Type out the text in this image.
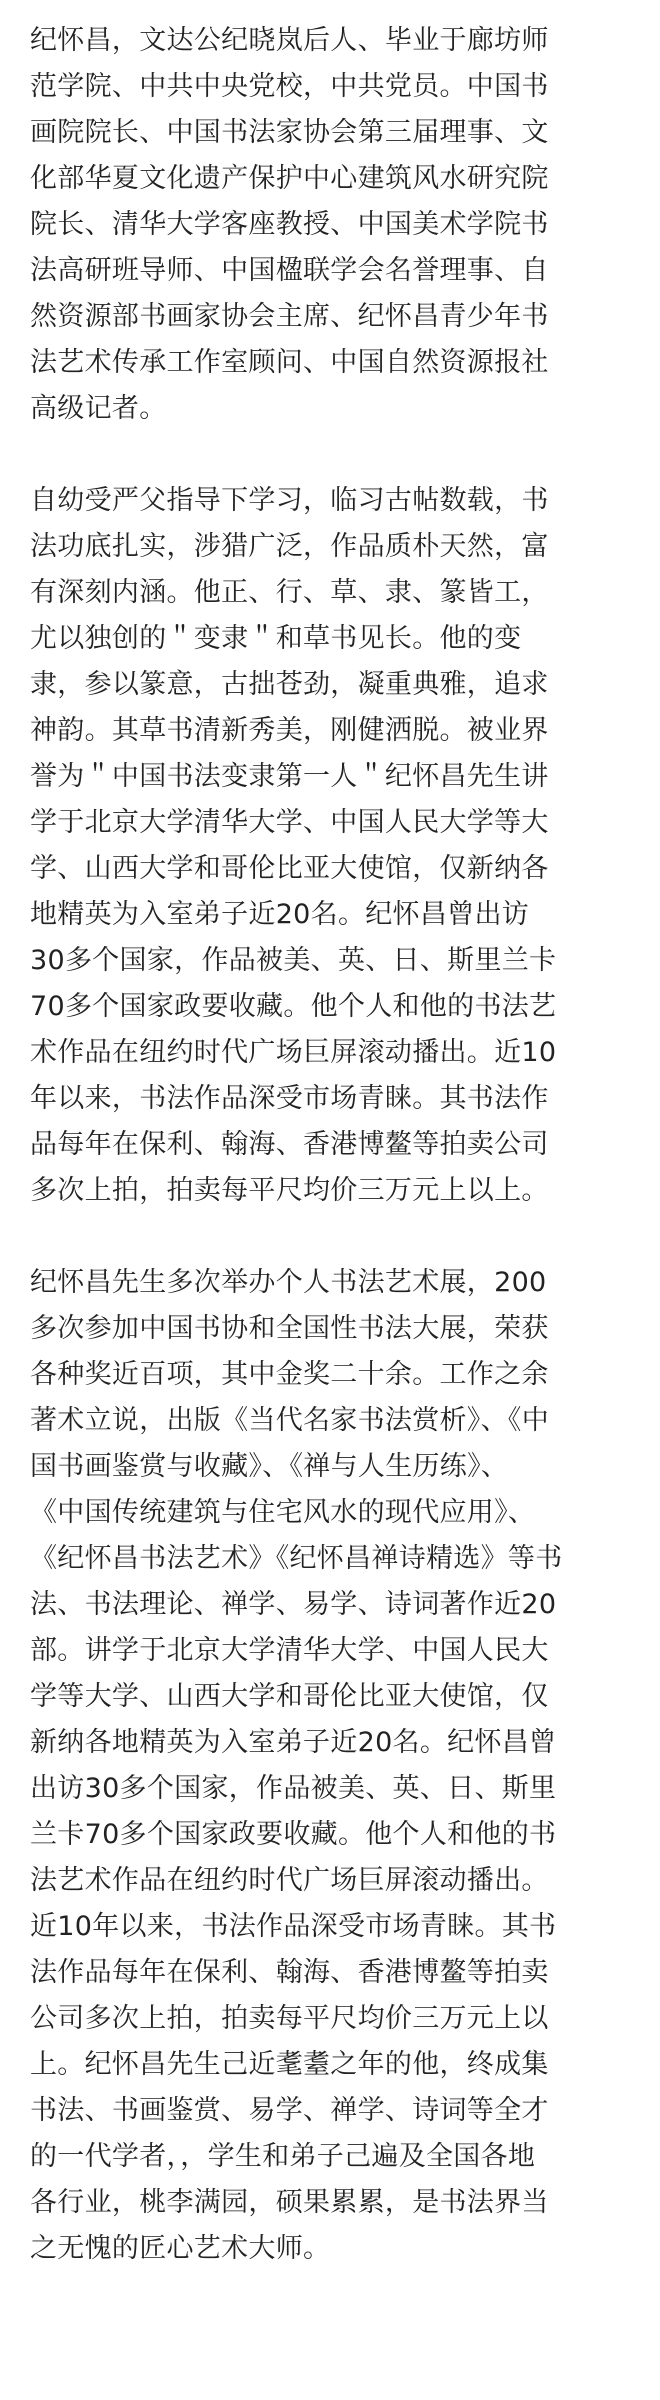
纪怀昌，文达公纪晓岚后人、毕业于廊坊师
范学院、中共中央党校，中共党员。中国书
画院院长、中国书法家协会第三届理事、文
化部华夏文化遗产保护中心建筑风水研究院
院长、清华大学客座教授、中国美术学院书
法高研班导师、中国楹联学会名誉理事、自
然资源部书画家协会主席、纪怀昌青少年书
法艺术传承工作室顾问、中国自然资源报社
高级记者。

自幼受严父指导下学习，临习古帖数载，书
法功底扎实，涉猎广泛，作品质朴天然，富
有深刻内涵。他正、行、草、隶、篆皆工，
尤以独创的＂变隶＂和草书见长。他的变
隶，参以篆意，古拙苍劲，凝重典雅，追求
神韵。其草书清新秀美，刚健洒脱。被业界
誉为＂中国书法变隶第一人＂纪怀昌先生讲
学于北京大学清华大学、中国人民大学等大
学、山西大学和哥伦比亚大使馆，仅新纳各
地精英为入室弟子近20名。纪怀昌曾出访
30多个国家，作品被美、英、日、斯里兰卡
70多个国家政要收藏。他个人和他的书法艺
术作品在纽约时代广场巨屏滚动播出。近10
年以来，书法作品深受市场青睐。其书法作
品每年在保利、翰海、香港博鳌等拍卖公司
多次上拍，拍卖每平尺均价三万元上以上。

纪怀昌先生多次举办个人书法艺术展，200
多次参加中国书协和全国性书法大展，荣获
各种奖近百项，其中金奖二十余。工作之余
著术立说，出版《当代名家书法赏析》、《中
国书画鉴赏与收藏》、《禅与人生历练》、
《中国传统建筑与住宅风水的现代应用》、
《纪怀昌书法艺术》《纪怀昌禅诗精选》等书
法、书法理论、禅学、易学、诗词著作近20
部。讲学于北京大学清华大学、中国人民大
学等大学、山西大学和哥伦比亚大使馆，仅
新纳各地精英为入室弟子近20名。纪怀昌曾
出访30多个国家，作品被美、英、日、斯里
兰卡70多个国家政要收藏。他个人和他的书
法艺术作品在纽约时代广场巨屏滚动播出。
近10年以来，书法作品深受市场青睐。其书
法作品每年在保利、翰海、香港博鳌等拍卖
公司多次上拍，拍卖每平尺均价三万元上以
上。纪怀昌先生己近耄耋之年的他，终成集
书法、书画鉴赏、易学、禅学、诗词等全才
的一代学者，，学生和弟子己遍及全国各地
各行业，桃李满园，硕果累累，是书法界当
之无愧的匠心艺术大师。
